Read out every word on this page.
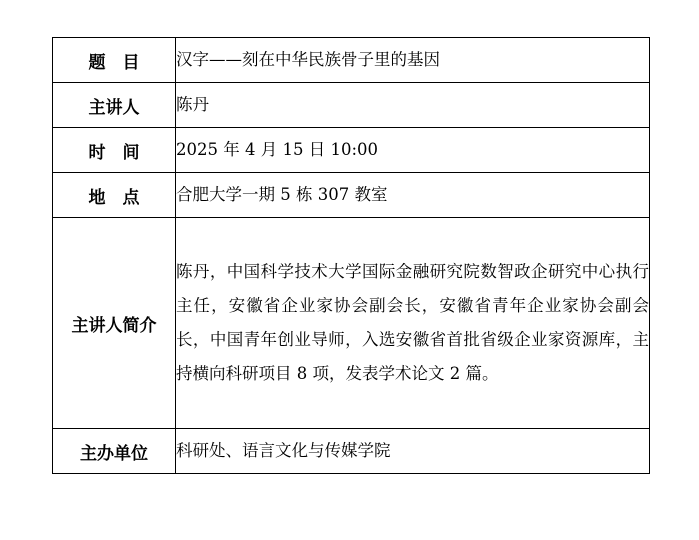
题　目	汉字——刻在中华民族骨子里的基因

主讲人	陈丹

时　间	2025 年 4 月 15 日 10:00

地　点	合肥大学一期 5 栋 307 教室

主讲人简介	陈丹，中国科学技术大学国际金融研究院数智政企研究中心执行主任，安徽省企业家协会副会长，安徽省青年企业家协会副会长，中国青年创业导师，入选安徽省首批省级企业家资源库，主持横向科研项目 8 项，发表学术论文 2 篇。

主办单位	科研处、语言文化与传媒学院
